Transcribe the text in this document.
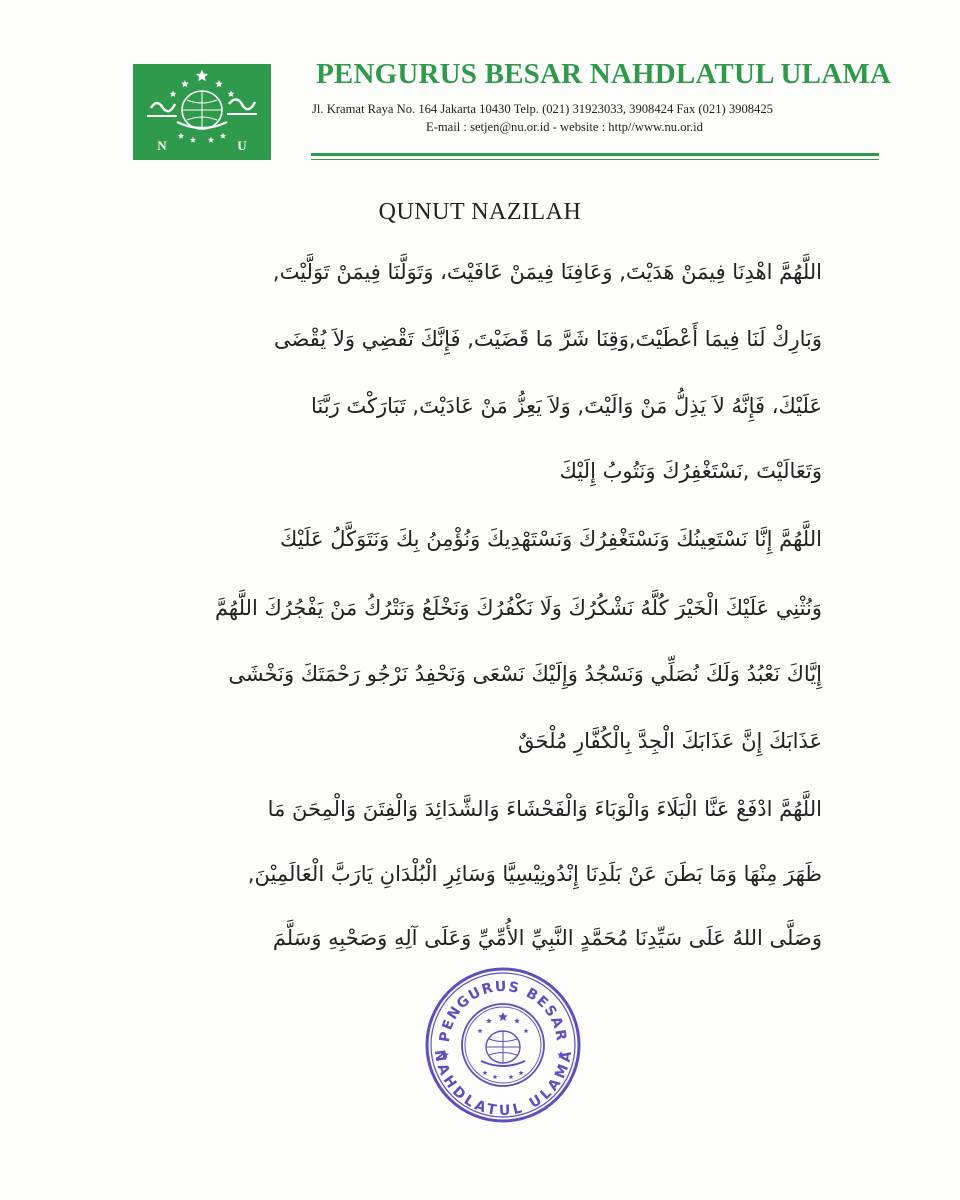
N	U
PENGURUS BESAR NAHDLATUL ULAMA
Jl. Kramat Raya No. 164 Jakarta 10430 Telp. (021) 31923033, 3908424 Fax (021) 3908425
E-mail : setjen@nu.or.id - website : http//www.nu.or.id
QUNUT NAZILAH
اللَّهُمَّ اهْدِنَا فِيمَنْ هَدَيْتَ, وَعَافِنَا فِيمَنْ عَافَيْتَ، وَتَوَلَّنَا فِيمَنْ تَوَلَّيْتَ,
وَبَارِكْ لَنَا فِيمَا أَعْطَيْتَ,وَقِنَا شَرَّ مَا قَضَيْتَ, فَإِنَّكَ تَقْضِي وَلاَ يُقْضَى
عَلَيْكَ، فَإِنَّهُ لاَ يَذِلُّ مَنْ وَالَيْتَ, وَلاَ يَعِزُّ مَنْ عَادَيْتَ, تَبَارَكْتَ رَبَّنَا
وَتَعَالَيْتَ ,نَسْتَغْفِرُكَ وَنَتُوبُ إِلَيْكَ
اللَّهُمَّ إِنَّا نَسْتَعِينُكَ وَنَسْتَغْفِرُكَ وَنَسْتَهْدِيكَ وَنُؤْمِنُ بِكَ وَنَتَوَكَّلُ عَلَيْكَ
وَنُثْنِي عَلَيْكَ الْخَيْرَ كُلَّهُ نَشْكُرُكَ وَلَا نَكْفُرُكَ وَنَخْلَعُ وَنَتْرُكُ مَنْ يَفْجُرُكَ اللَّهُمَّ
إِيَّاكَ نَعْبُدُ وَلَكَ نُصَلِّي وَنَسْجُدُ وَإِلَيْكَ نَسْعَى وَنَحْفِدُ نَرْجُو رَحْمَتَكَ وَنَخْشَى
عَذَابَكَ إِنَّ عَذَابَكَ الْجِدَّ بِالْكُفَّارِ مُلْحَقٌ
اللَّهُمَّ ادْفَعْ عَنَّا الْبَلَاءَ وَالْوَبَاءَ وَالْفَحْشَاءَ وَالشَّدَائِدَ وَالْفِتَنَ وَالْمِحَنَ مَا
ظَهَرَ مِنْهَا وَمَا بَطَنَ عَنْ بَلَدِنَا إِنْدُونِيْسِيَّا وَسَائِرِ الْبُلْدَانِ يَارَبَّ الْعَالَمِيْنَ,
وَصَلَّى اللهُ عَلَى سَيِّدِنَا مُحَمَّدٍ النَّبِيِّ الأُمِّيِّ وَعَلَى آلِهِ وَصَحْبِهِ وَسَلَّمَ
PENGURUS BESAR
NAHDLATUL ULAMA
